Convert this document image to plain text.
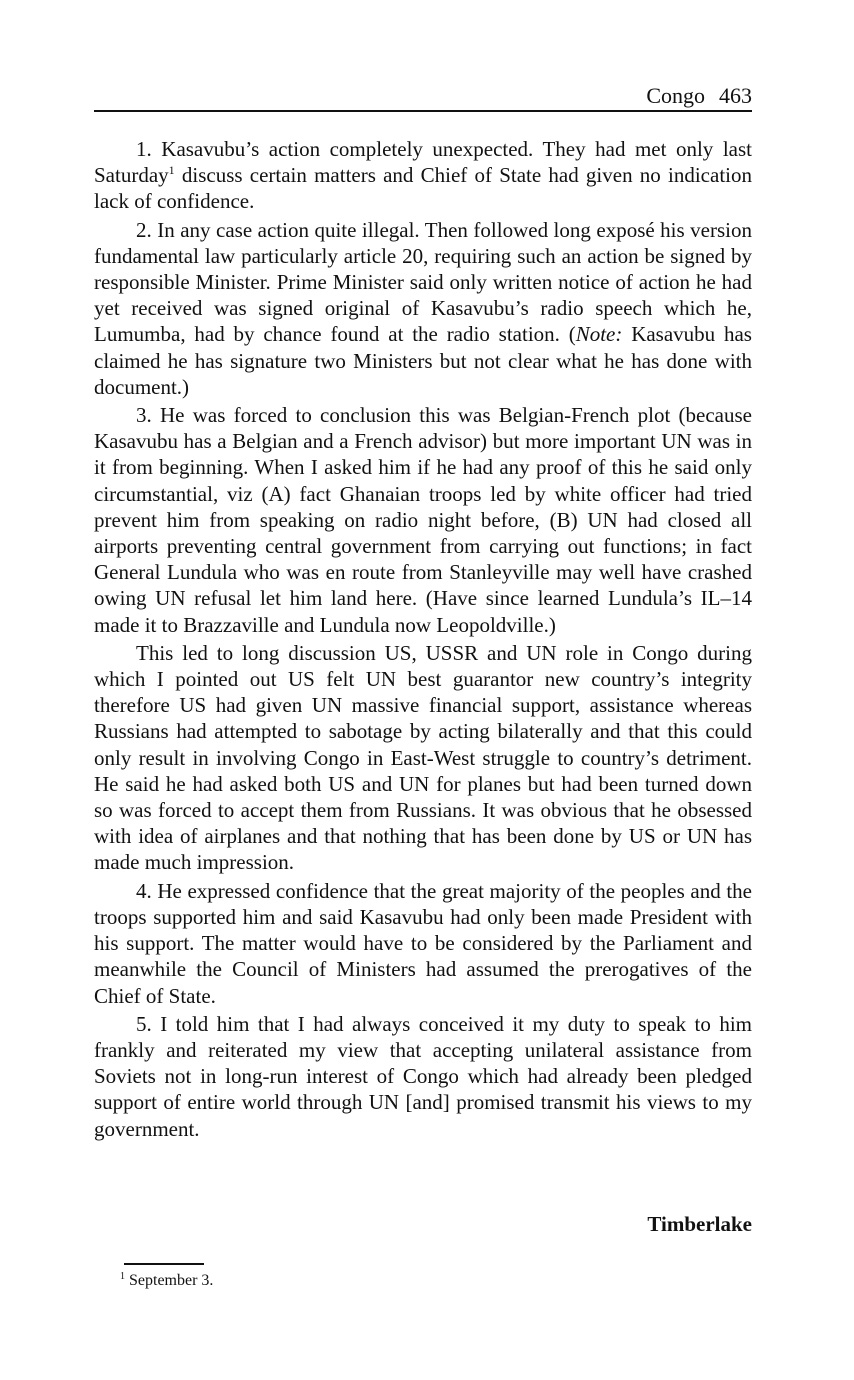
Congo 463

1. Kasavubu’s action completely unexpected. They had met only last Saturday$^1$ discuss certain matters and Chief of State had given no indication lack of confidence.

2. In any case action quite illegal. Then followed long exposé his version fundamental law particularly article 20, requiring such an action be signed by responsible Minister. Prime Minister said only written notice of action he had yet received was signed original of Kasavubu’s radio speech which he, Lumumba, had by chance found at the radio station. (Note: Kasavubu has claimed he has signature two Ministers but not clear what he has done with document.)

3. He was forced to conclusion this was Belgian-French plot (because Kasavubu has a Belgian and a French advisor) but more important UN was in it from beginning. When I asked him if he had any proof of this he said only circumstantial, viz (A) fact Ghanaian troops led by white officer had tried prevent him from speaking on radio night before, (B) UN had closed all airports preventing central government from carrying out functions; in fact General Lundula who was en route from Stanleyville may well have crashed owing UN refusal let him land here. (Have since learned Lundula’s IL–14 made it to Brazzaville and Lundula now Leopoldville.)

This led to long discussion US, USSR and UN role in Congo during which I pointed out US felt UN best guarantor new country’s integrity therefore US had given UN massive financial support, assistance whereas Russians had attempted to sabotage by acting bilaterally and that this could only result in involving Congo in East-West struggle to country’s detriment. He said he had asked both US and UN for planes but had been turned down so was forced to accept them from Russians. It was obvious that he obsessed with idea of airplanes and that nothing that has been done by US or UN has made much impression.

4. He expressed confidence that the great majority of the peoples and the troops supported him and said Kasavubu had only been made President with his support. The matter would have to be considered by the Parliament and meanwhile the Council of Ministers had assumed the prerogatives of the Chief of State.

5. I told him that I had always conceived it my duty to speak to him frankly and reiterated my view that accepting unilateral assistance from Soviets not in long-run interest of Congo which had already been pledged support of entire world through UN [and] promised transmit his views to my government.

Timberlake
$^1$ September 3.
